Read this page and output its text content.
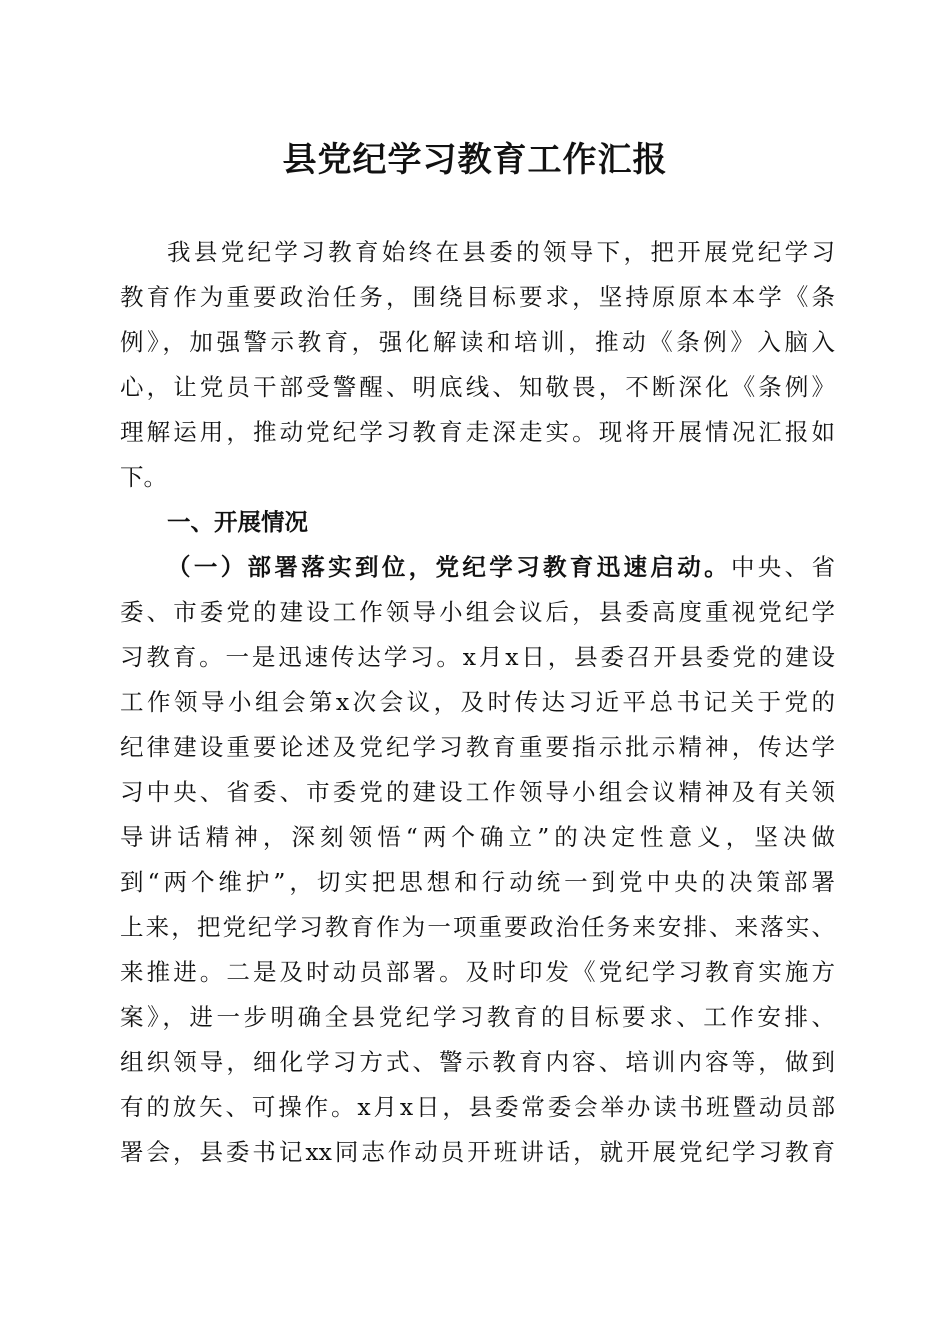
县党纪学习教育工作汇报
我县党纪学习教育始终在县委的领导下，把开展党纪学习
教育作为重要政治任务，围绕目标要求，坚持原原本本学《条
例》，加强警示教育，强化解读和培训，推动《条例》入脑入
心，让党员干部受警醒、明底线、知敬畏，不断深化《条例》
理解运用，推动党纪学习教育走深走实。现将开展情况汇报如
下。
一、开展情况
（一）部署落实到位，党纪学习教育迅速启动。中央、省
委、市委党的建设工作领导小组会议后，县委高度重视党纪学
习教育。一是迅速传达学习。x月x日，县委召开县委党的建设
工作领导小组会第x次会议，及时传达习近平总书记关于党的
纪律建设重要论述及党纪学习教育重要指示批示精神，传达学
习中央、省委、市委党的建设工作领导小组会议精神及有关领
导讲话精神，深刻领悟“两个确立”的决定性意义，坚决做
到“两个维护”，切实把思想和行动统一到党中央的决策部署
上来，把党纪学习教育作为一项重要政治任务来安排、来落实、
来推进。二是及时动员部署。及时印发《党纪学习教育实施方
案》，进一步明确全县党纪学习教育的目标要求、工作安排、
组织领导，细化学习方式、警示教育内容、培训内容等，做到
有的放矢、可操作。x月x日，县委常委会举办读书班暨动员部
署会，县委书记xx同志作动员开班讲话，就开展党纪学习教育
